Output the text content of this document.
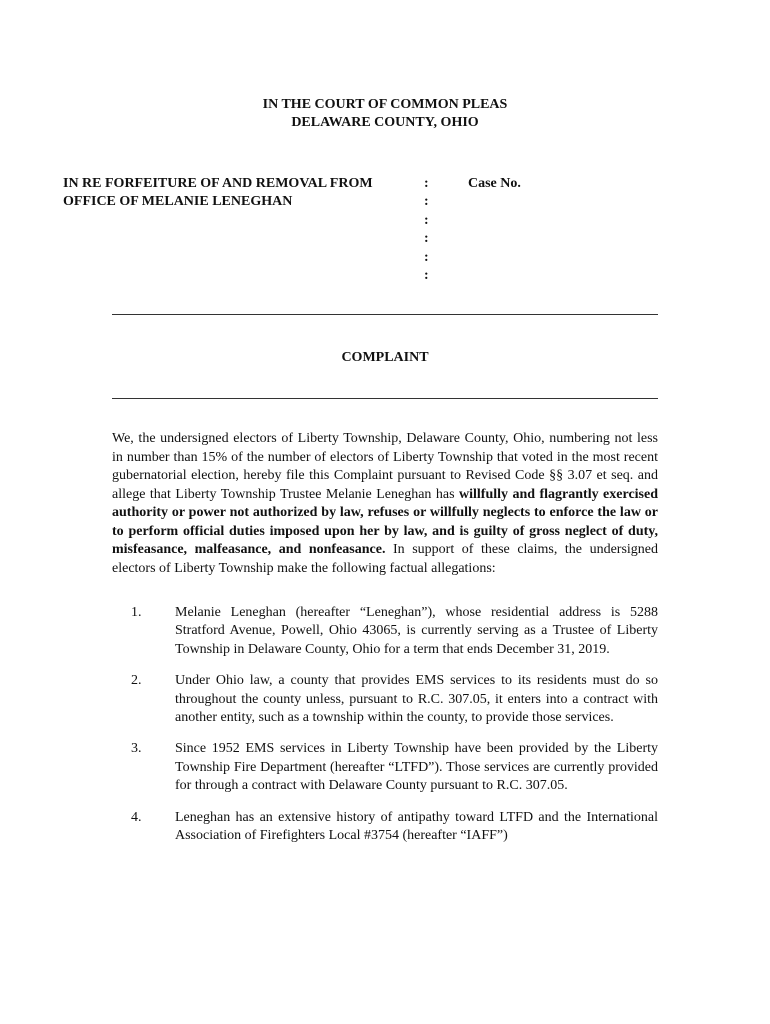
IN THE COURT OF COMMON PLEAS
DELAWARE COUNTY, OHIO
IN RE FORFEITURE OF AND REMOVAL FROM
OFFICE OF MELANIE LENEGHAN
:
:
:
:
:
:
Case No.
COMPLAINT
We, the undersigned electors of Liberty Township, Delaware County, Ohio, numbering not less in number than 15% of the number of electors of Liberty Township that voted in the most recent gubernatorial election, hereby file this Complaint pursuant to Revised Code §§ 3.07 et seq. and allege that Liberty Township Trustee Melanie Leneghan has willfully and flagrantly exercised authority or power not authorized by law, refuses or willfully neglects to enforce the law or to perform official duties imposed upon her by law, and is guilty of gross neglect of duty, misfeasance, malfeasance, and nonfeasance. In support of these claims, the undersigned electors of Liberty Township make the following factual allegations:
1. Melanie Leneghan (hereafter “Leneghan”), whose residential address is 5288 Stratford Avenue, Powell, Ohio 43065, is currently serving as a Trustee of Liberty Township in Delaware County, Ohio for a term that ends December 31, 2019.
2. Under Ohio law, a county that provides EMS services to its residents must do so throughout the county unless, pursuant to R.C. 307.05, it enters into a contract with another entity, such as a township within the county, to provide those services.
3. Since 1952 EMS services in Liberty Township have been provided by the Liberty Township Fire Department (hereafter “LTFD”). Those services are currently provided for through a contract with Delaware County pursuant to R.C. 307.05.
4. Leneghan has an extensive history of antipathy toward LTFD and the International Association of Firefighters Local #3754 (hereafter “IAFF”)
